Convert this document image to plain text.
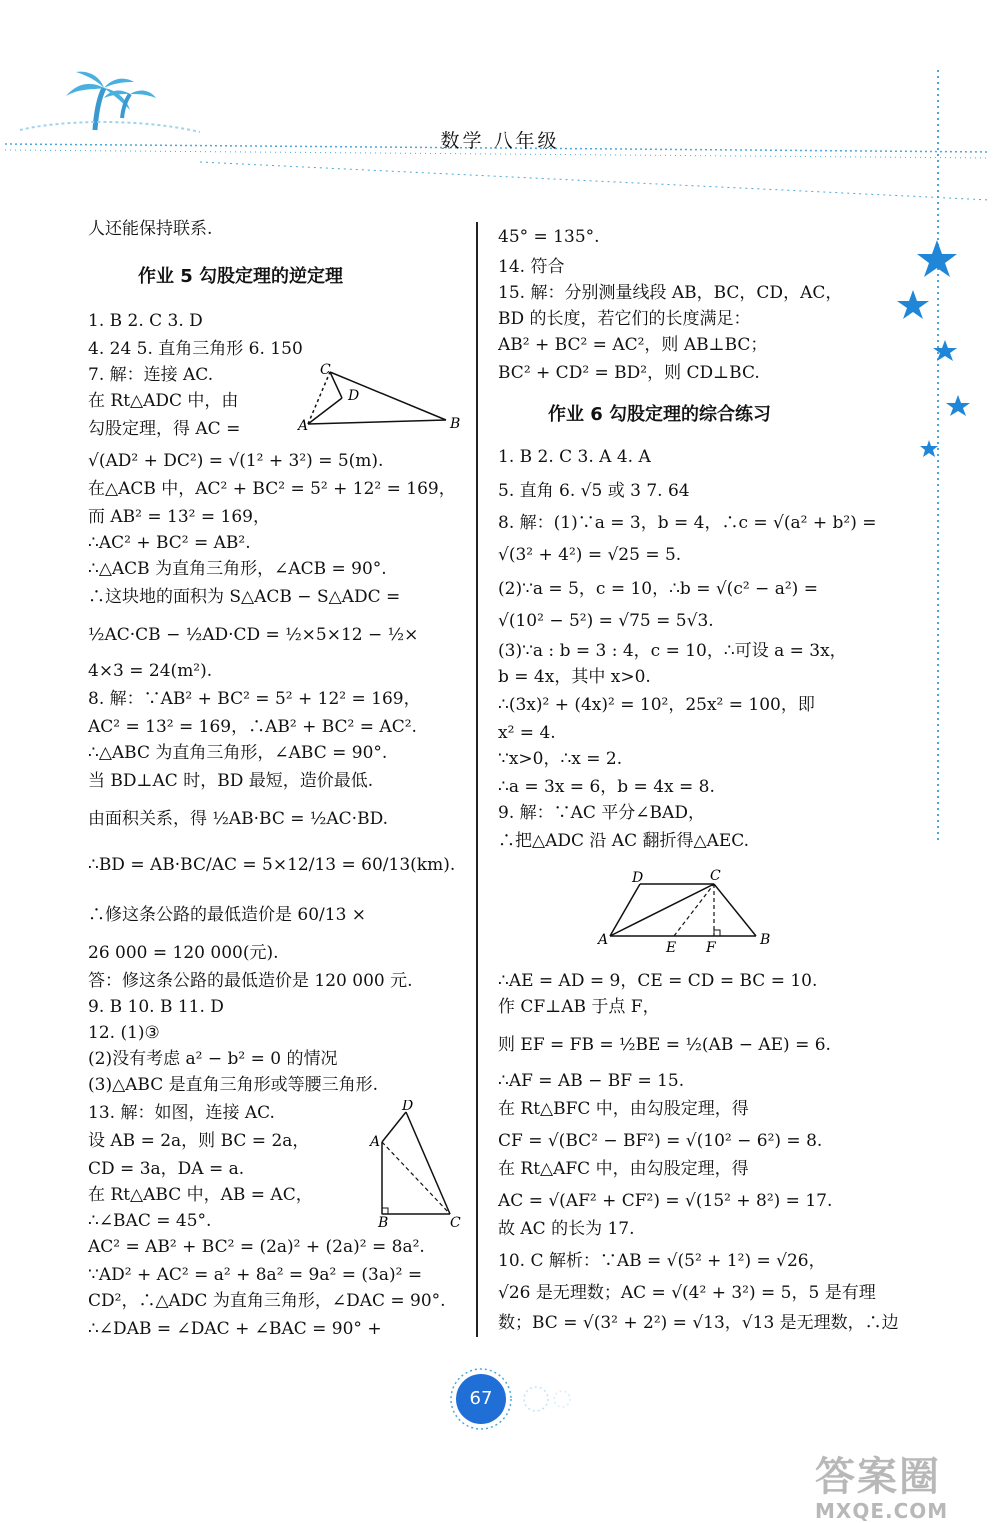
数学 八年级

人还能保持联系.

作业 5 勾股定理的逆定理

1. B 2. C 3. D

4. 24 5. 直角三角形 6. 150

7. 解：连接 AC.

在 Rt△ADC 中，由

勾股定理，得 AC =

√(AD² + DC²) = √(1² + 3²) = 5(m).

在△ACB 中，AC² + BC² = 5² + 12² = 169，

而 AB² = 13² = 169，

∴AC² + BC² = AB².

∴△ACB 为直角三角形，∠ACB = 90°.

∴这块地的面积为 S△ACB − S△ADC =

½AC·CB − ½AD·CD = ½×5×12 − ½×

4×3 = 24(m²).

8. 解：∵AB² + BC² = 5² + 12² = 169，

AC² = 13² = 169，∴AB² + BC² = AC².

∴△ABC 为直角三角形，∠ABC = 90°.

当 BD⊥AC 时，BD 最短，造价最低.

由面积关系，得 ½AB·BC = ½AC·BD.

∴BD = AB·BC/AC = 5×12/13 = 60/13(km).

∴修这条公路的最低造价是 60/13 ×

26 000 = 120 000(元).

答：修这条公路的最低造价是 120 000 元.

9. B 10. B 11. D

12. (1)③

(2)没有考虑 a² − b² = 0 的情况

(3)△ABC 是直角三角形或等腰三角形.

13. 解：如图，连接 AC.

设 AB = 2a，则 BC = 2a，

CD = 3a，DA = a.

在 Rt△ABC 中，AB = AC，

∴∠BAC = 45°.

AC² = AB² + BC² = (2a)² + (2a)² = 8a².

∵AD² + AC² = a² + 8a² = 9a² = (3a)² =

CD²，∴△ADC 为直角三角形，∠DAC = 90°.

∴∠DAB = ∠DAC + ∠BAC = 90° +

45° = 135°.

14. 符合

15. 解：分别测量线段 AB，BC，CD，AC，

BD 的长度，若它们的长度满足：

AB² + BC² = AC²，则 AB⊥BC；

BC² + CD² = BD²，则 CD⊥BC.

作业 6 勾股定理的综合练习

1. B 2. C 3. A 4. A

5. 直角 6. √5 或 3 7. 64

8. 解：(1)∵a = 3，b = 4，∴c = √(a² + b²) =

√(3² + 4²) = √25 = 5.

(2)∵a = 5，c = 10，∴b = √(c² − a²) =

√(10² − 5²) = √75 = 5√3.

(3)∵a : b = 3 : 4，c = 10，∴可设 a = 3x，

b = 4x，其中 x>0.

∴(3x)² + (4x)² = 10²，25x² = 100，即

x² = 4.

∵x>0，∴x = 2.

∴a = 3x = 6，b = 4x = 8.

9. 解：∵AC 平分∠BAD，

∴把△ADC 沿 AC 翻折得△AEC.

∴AE = AD = 9，CE = CD = BC = 10.

作 CF⊥AB 于点 F，

则 EF = FB = ½BE = ½(AB − AE) = 6.

∴AF = AB − BF = 15.

在 Rt△BFC 中，由勾股定理，得

CF = √(BC² − BF²) = √(10² − 6²) = 8.

在 Rt△AFC 中，由勾股定理，得

AC = √(AF² + CF²) = √(15² + 8²) = 17.

故 AC 的长为 17.

10. C 解析：∵AB = √(5² + 1²) = √26，

√26 是无理数；AC = √(4² + 3²) = 5，5 是有理

数；BC = √(3² + 2²) = √13，√13 是无理数，∴边

C
D
A	B
D
A
B	C
D	C
A	E F	B
67
答案圈
MXQE.COM
